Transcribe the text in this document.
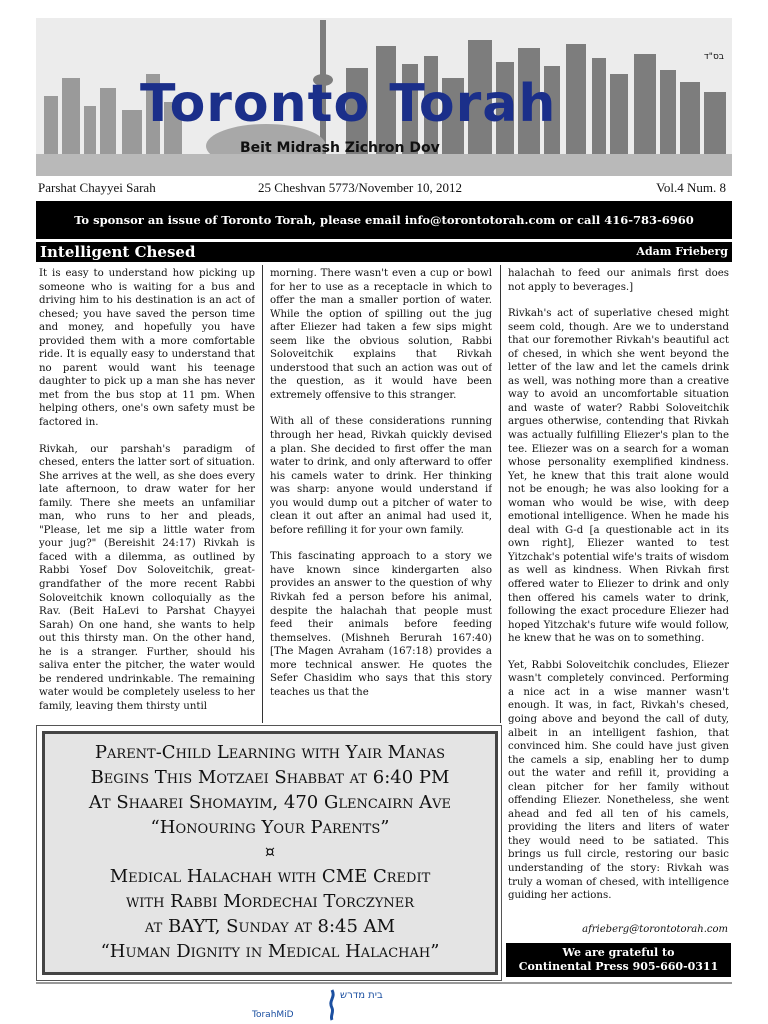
בס"ד
Toronto Torah
Beit Midrash Zichron Dov
Parshat Chayyei Sarah	25 Cheshvan 5773/November 10, 2012	Vol.4 Num. 8
To sponsor an issue of Toronto Torah, please email info@torontotorah.com or call 416-783-6960
Intelligent Chesed	Adam Frieberg

It is easy to understand how picking up someone who is waiting for a bus and driving him to his destination is an act of chesed; you have saved the person time and money, and hopefully you have provided them with a more comfortable ride. It is equally easy to understand that no parent would want his teenage daughter to pick up a man she has never met from the bus stop at 11 pm. When helping others, one's own safety must be factored in.

Rivkah, our parshah's paradigm of chesed, enters the latter sort of situation. She arrives at the well, as she does every late afternoon, to draw water for her family. There she meets an unfamiliar man, who runs to her and pleads, "Please, let me sip a little water from your jug?" (Bereishit 24:17) Rivkah is faced with a dilemma, as outlined by Rabbi Yosef Dov Soloveitchik, great-grandfather of the more recent Rabbi Soloveitchik known colloquially as the Rav. (Beit HaLevi to Parshat Chayyei Sarah) On one hand, she wants to help out this thirsty man. On the other hand, he is a stranger. Further, should his saliva enter the pitcher, the water would be rendered undrinkable. The remaining water would be completely useless to her family, leaving them thirsty until

morning. There wasn't even a cup or bowl for her to use as a receptacle in which to offer the man a smaller portion of water. While the option of spilling out the jug after Eliezer had taken a few sips might seem like the obvious solution, Rabbi Soloveitchik explains that Rivkah understood that such an action was out of the question, as it would have been extremely offensive to this stranger.

With all of these considerations running through her head, Rivkah quickly devised a plan. She decided to first offer the man water to drink, and only afterward to offer his camels water to drink. Her thinking was sharp: anyone would understand if you would dump out a pitcher of water to clean it out after an animal had used it, before refilling it for your own family.

This fascinating approach to a story we have known since kindergarten also provides an answer to the question of why Rivkah fed a person before his animal, despite the halachah that people must feed their animals before feeding themselves. (Mishneh Berurah 167:40) [The Magen Avraham (167:18) provides a more technical answer. He quotes the Sefer Chasidim who says that this story teaches us that the

halachah to feed our animals first does not apply to beverages.]

Rivkah's act of superlative chesed might seem cold, though. Are we to understand that our foremother Rivkah's beautiful act of chesed, in which she went beyond the letter of the law and let the camels drink as well, was nothing more than a creative way to avoid an uncomfortable situation and waste of water? Rabbi Soloveitchik argues otherwise, contending that Rivkah was actually fulfilling Eliezer's plan to the tee. Eliezer was on a search for a woman whose personality exemplified kindness. Yet, he knew that this trait alone would not be enough; he was also looking for a woman who would be wise, with deep emotional intelligence. When he made his deal with G-d [a questionable act in its own right], Eliezer wanted to test Yitzchak's potential wife's traits of wisdom as well as kindness. When Rivkah first offered water to Eliezer to drink and only then offered his camels water to drink, following the exact procedure Eliezer had hoped Yitzchak's future wife would follow, he knew that he was on to something.

Yet, Rabbi Soloveitchik concludes, Eliezer wasn't completely convinced. Performing a nice act in a wise manner wasn't enough. It was, in fact, Rivkah's chesed, going above and beyond the call of duty, albeit in an intelligent fashion, that convinced him. She could have just given the camels a sip, enabling her to dump out the water and refill it, providing a clean pitcher for her family without offending Eliezer. Nonetheless, she went ahead and fed all ten of his camels, providing the liters and liters of water they would need to be satiated. This brings us full circle, restoring our basic understanding of the story: Rivkah was truly a woman of chesed, with intelligence guiding her actions.

afrieberg@torontotorah.com
Parent-Child Learning with Yair Manas
Begins This Motzaei Shabbat at 6:40 PM
At Shaarei Shomayim, 470 Glencairn Ave
“Honouring Your Parents”
¤
Medical Halachah with CME Credit
with Rabbi Mordechai Torczyner
at BAYT, Sunday at 8:45 AM
“Human Dignity in Medical Halachah”	We are grateful to
Continental Press 905-660-0311
TorahMiD
בית מדרש
